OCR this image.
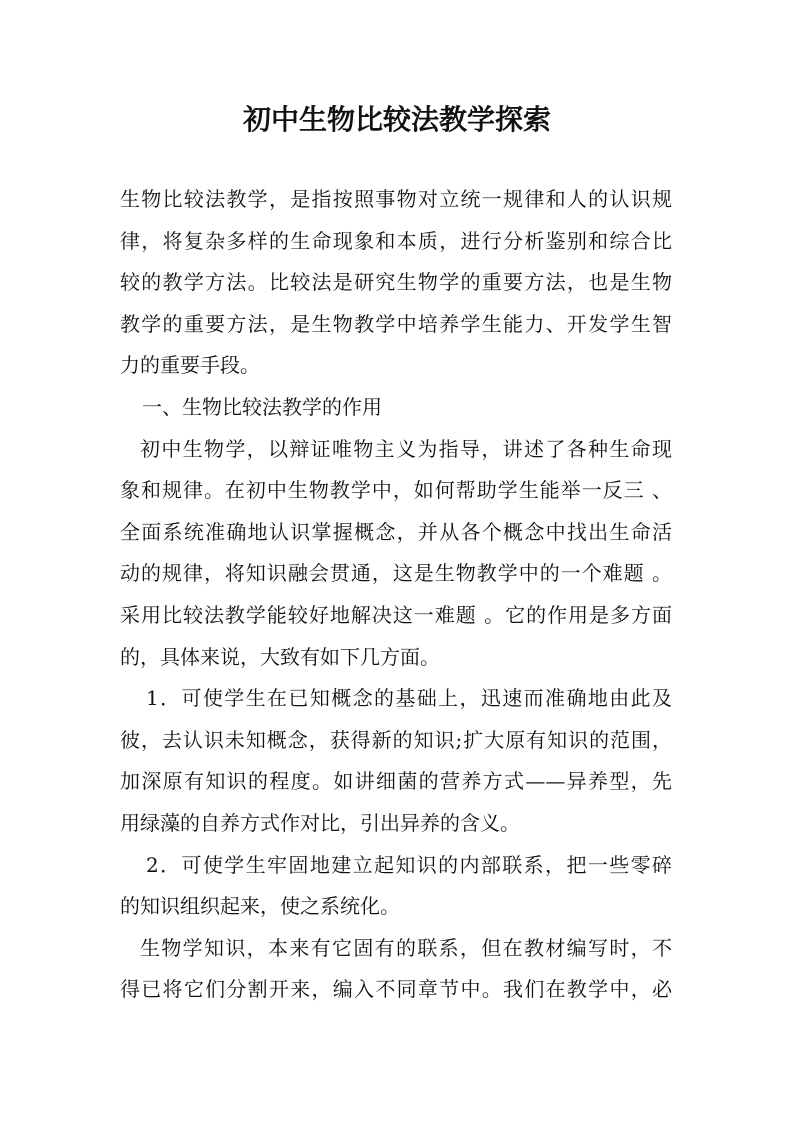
初中生物比较法教学探索
生物比较法教学，是指按照事物对立统一规律和人的认识规
律，将复杂多样的生命现象和本质，进行分析鉴别和综合比
较的教学方法。比较法是研究生物学的重要方法，也是生物
教学的重要方法，是生物教学中培养学生能力、开发学生智
力的重要手段。
一、生物比较法教学的作用
初中生物学，以辩证唯物主义为指导，讲述了各种生命现
象和规律。在初中生物教学中，如何帮助学生能举一反三 、
全面系统准确地认识掌握概念，并从各个概念中找出生命活
动的规律，将知识融会贯通，这是生物教学中的一个难题 。
采用比较法教学能较好地解决这一难题 。它的作用是多方面
的，具体来说，大致有如下几方面。
1．可使学生在已知概念的基础上，迅速而准确地由此及
彼，去认识未知概念，获得新的知识;扩大原有知识的范围，
加深原有知识的程度。如讲细菌的营养方式——异养型，先
用绿藻的自养方式作对比，引出异养的含义。
2．可使学生牢固地建立起知识的内部联系，把一些零碎
的知识组织起来，使之系统化。
生物学知识，本来有它固有的联系，但在教材编写时，不
得已将它们分割开来，编入不同章节中。我们在教学中，必
